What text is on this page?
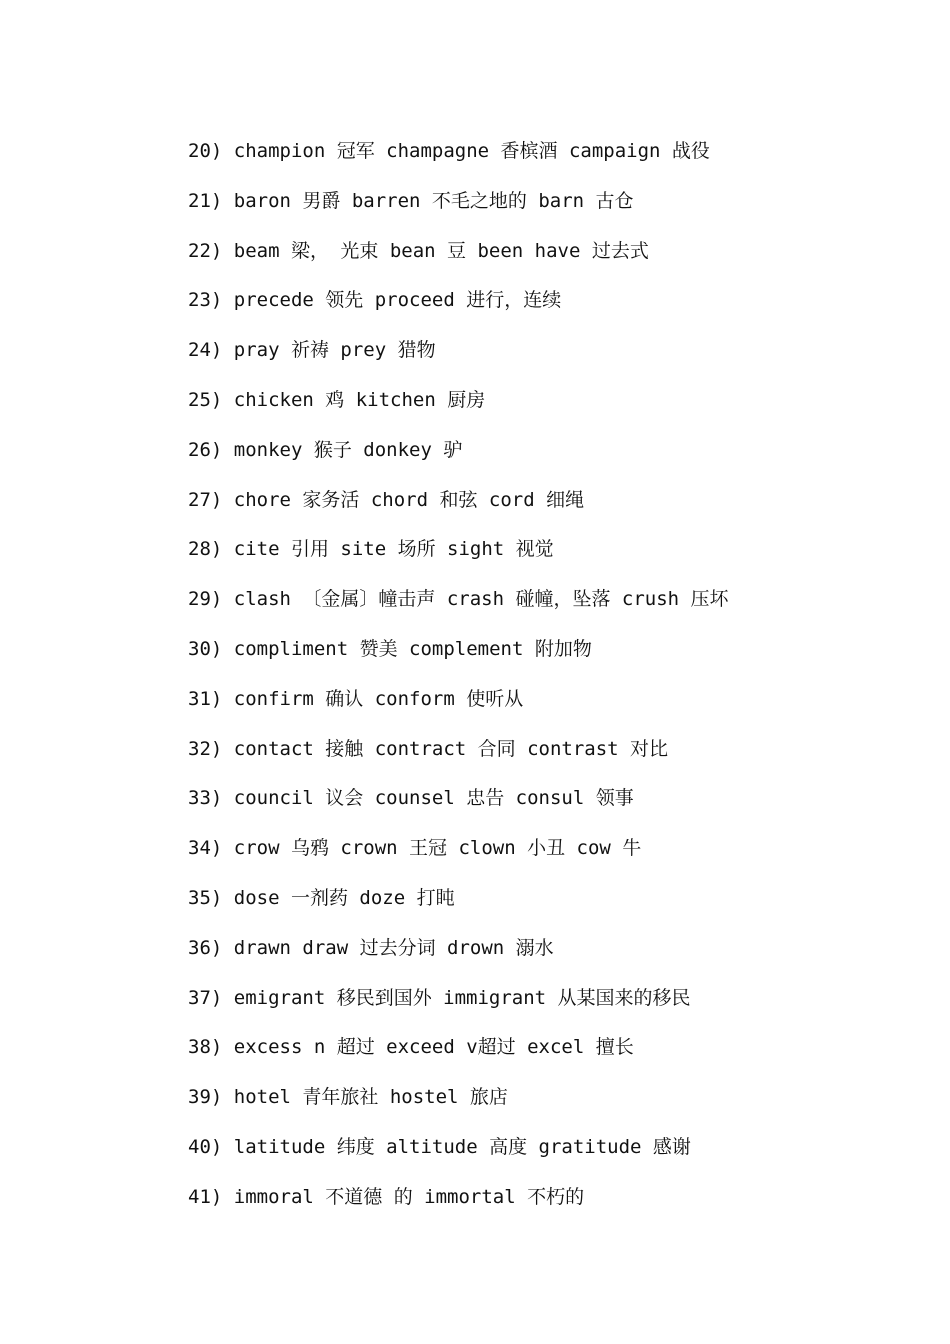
20) champion 冠军 champagne 香槟酒 campaign 战役
21) baron 男爵 barren 不毛之地的 barn 古仓
22) beam 梁， 光束 bean 豆 been have 过去式
23) precede 领先 proceed 进行，连续
24) pray 祈祷 prey 猎物
25) chicken 鸡 kitchen 厨房
26) monkey 猴子 donkey 驴
27) chore 家务活 chord 和弦 cord 细绳
28) cite 引用 site 场所 sight 视觉
29) clash 〔金属〕幢击声 crash 碰幢，坠落 crush 压坏
30) compliment 赞美 complement 附加物
31) confirm 确认 conform 使听从
32) contact 接触 contract 合同 contrast 对比
33) council 议会 counsel 忠告 consul 领事
34) crow 乌鸦 crown 王冠 clown 小丑 cow 牛
35) dose 一剂药 doze 打盹
36) drawn draw 过去分词 drown 溺水
37) emigrant 移民到国外 immigrant 从某国来的移民
38) excess n 超过 exceed v超过 excel 擅长
39) hotel 青年旅社 hostel 旅店
40) latitude 纬度 altitude 高度 gratitude 感谢
41) immoral 不道德 的 immortal 不朽的
